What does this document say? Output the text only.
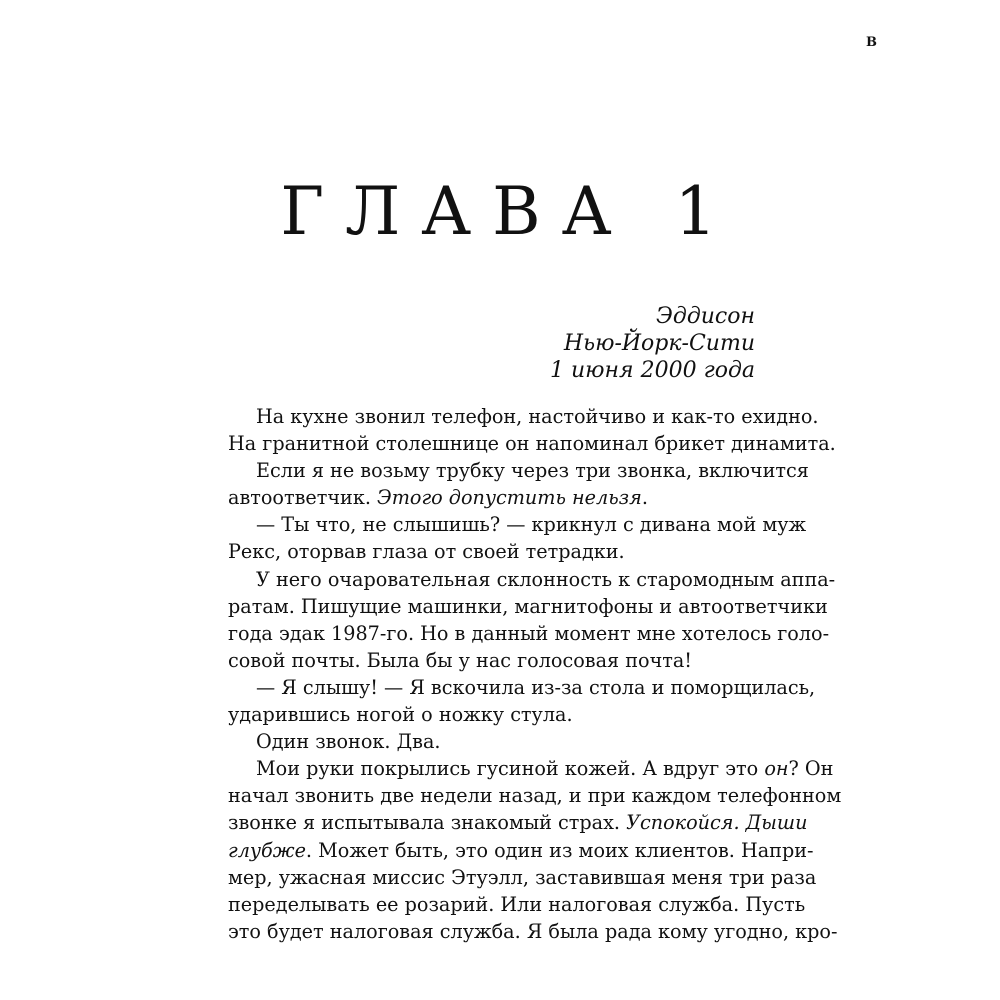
В
ГЛАВА 1
Эддисон
Нью-Йорк-Сити
1 июня 2000 года
На кухне звонил телефон, настойчиво и как-то ехидно.
На гранитной столешнице он напоминал брикет динамита.
Если я не возьму трубку через три звонка, включится
автоответчик. Этого допустить нельзя.
— Ты что, не слышишь? — крикнул с дивана мой муж
Рекс, оторвав глаза от своей тетрадки.
У него очаровательная склонность к старомодным аппа-
ратам. Пишущие машинки, магнитофоны и автоответчики
года эдак 1987-го. Но в данный момент мне хотелось голо-
совой почты. Была бы у нас голосовая почта!
— Я слышу! — Я вскочила из-за стола и поморщилась,
ударившись ногой о ножку стула.
Один звонок. Два.
Мои руки покрылись гусиной кожей. А вдруг это он? Он
начал звонить две недели назад, и при каждом телефонном
звонке я испытывала знакомый страх. Успокойся. Дыши
глубже. Может быть, это один из моих клиентов. Напри-
мер, ужасная миссис Этуэлл, заставившая меня три раза
переделывать ее розарий. Или налоговая служба. Пусть
это будет налоговая служба. Я была рада кому угодно, кро-
